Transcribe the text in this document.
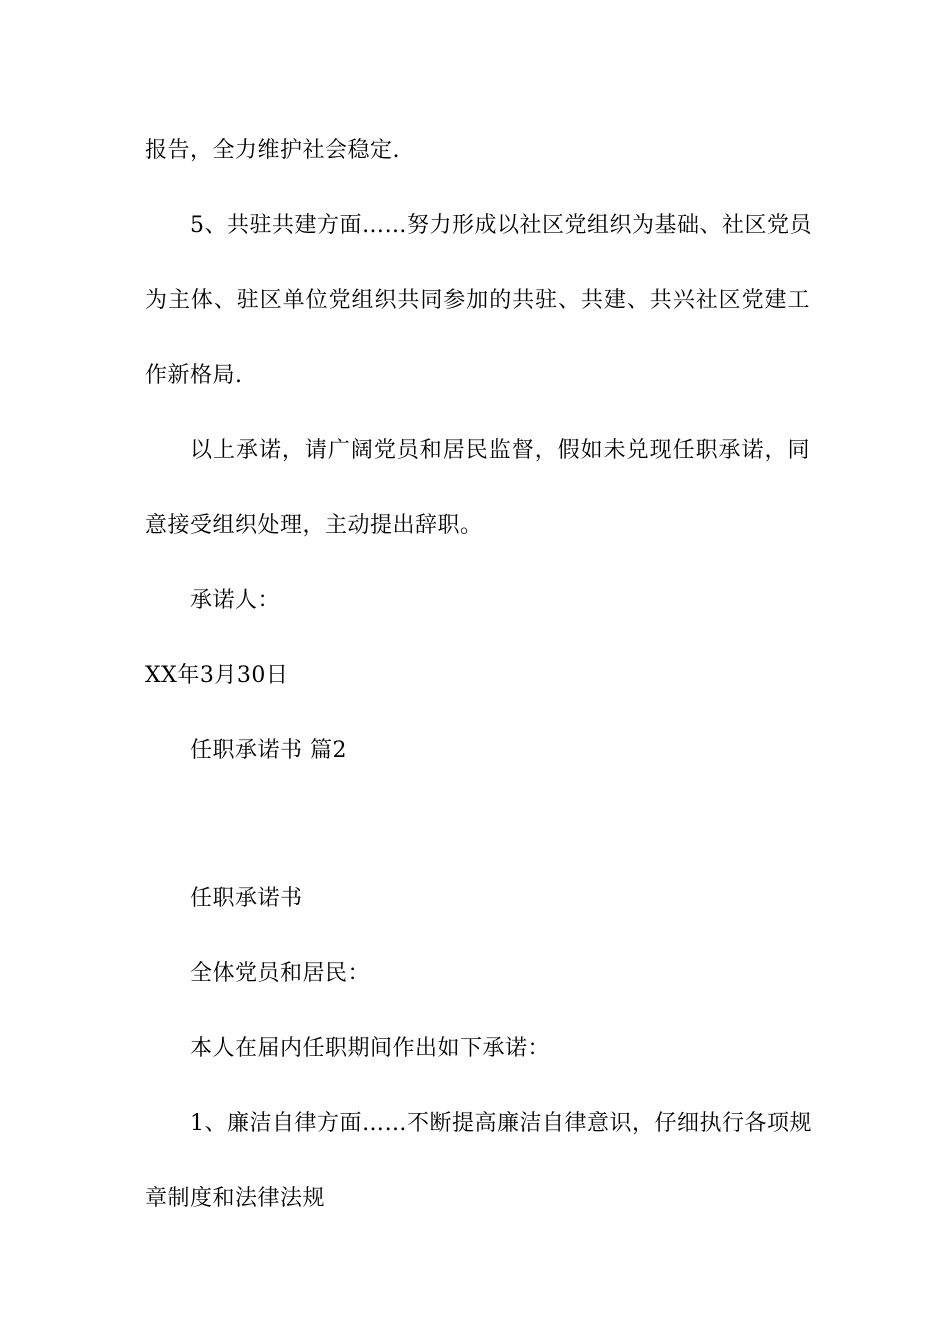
报告，全力维护社会稳定.
5、共驻共建方面……努力形成以社区党组织为基础、社区党员
为主体、驻区单位党组织共同参加的共驻、共建、共兴社区党建工
作新格局.
以上承诺，请广阔党员和居民监督，假如未兑现任职承诺，同
意接受组织处理，主动提出辞职。
承诺人：
XX年3月30日
任职承诺书 篇2
任职承诺书
全体党员和居民：
本人在届内任职期间作出如下承诺：
1、廉洁自律方面……不断提高廉洁自律意识，仔细执行各项规
章制度和法律法规
